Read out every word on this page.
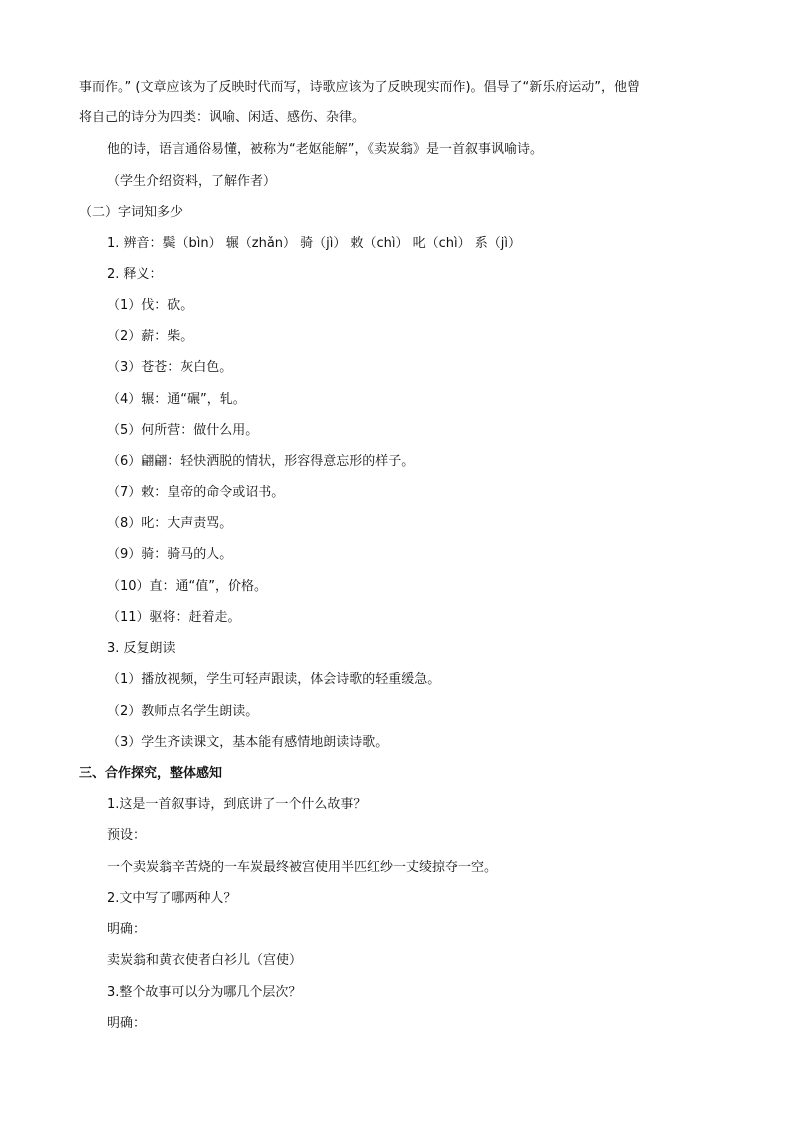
事而作。” (文章应该为了反映时代而写，诗歌应该为了反映现实而作)。倡导了“新乐府运动”，他曾
将自己的诗分为四类：讽喻、闲适、感伤、杂律。
他的诗，语言通俗易懂，被称为“老妪能解”，《卖炭翁》是一首叙事讽喻诗。
（学生介绍资料，了解作者）
（二）字词知多少
1. 辨音：鬓（bìn） 辗（zhǎn） 骑（jì） 敕（chì） 叱（chì） 系（jì）
2. 释义：
（1）伐：砍。
（2）薪：柴。
（3）苍苍：灰白色。
（4）辗：通“碾”，轧。
（5）何所营：做什么用。
（6）翩翩：轻快洒脱的情状，形容得意忘形的样子。
（7）敕：皇帝的命令或诏书。
（8）叱：大声责骂。
（9）骑：骑马的人。
（10）直：通“值”，价格。
（11）驱将：赶着走。
3. 反复朗读
（1）播放视频，学生可轻声跟读，体会诗歌的轻重缓急。
（2）教师点名学生朗读。
（3）学生齐读课文，基本能有感情地朗读诗歌。
三、合作探究，整体感知
1.这是一首叙事诗，到底讲了一个什么故事？
预设：
一个卖炭翁辛苦烧的一车炭最终被宫使用半匹红纱一丈绫掠夺一空。
2.文中写了哪两种人？
明确：
卖炭翁和黄衣使者白衫儿（宫使）
3.整个故事可以分为哪几个层次？
明确：
